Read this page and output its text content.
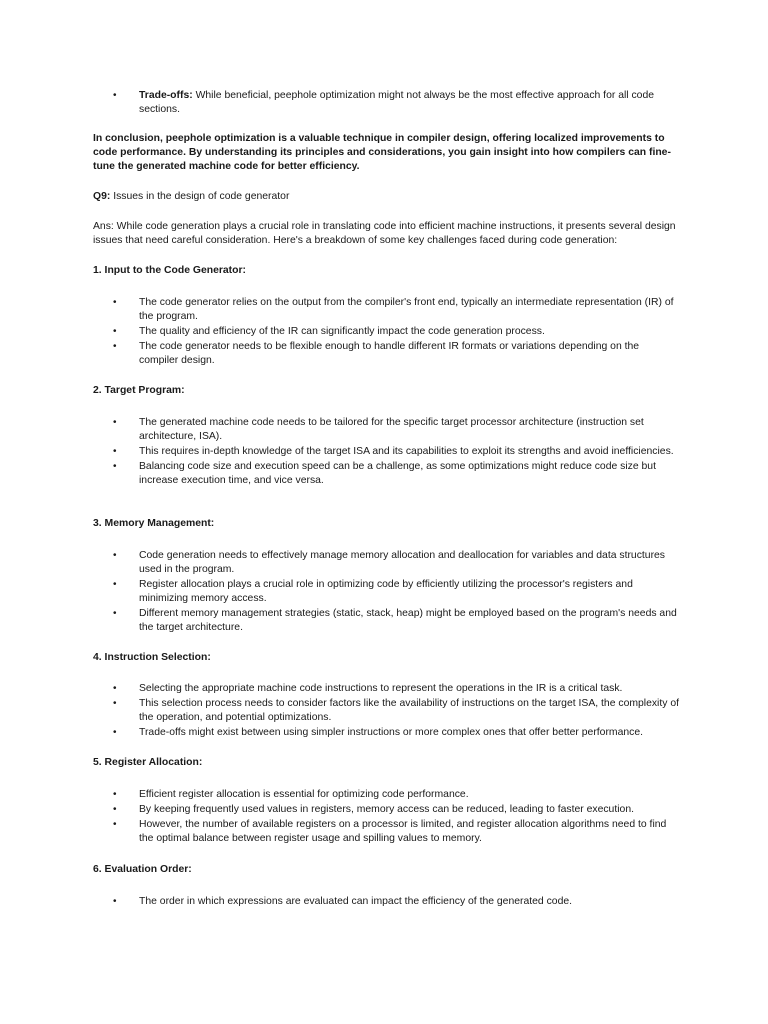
• Trade-offs: While beneficial, peephole optimization might not always be the most effective approach for all code sections.

In conclusion, peephole optimization is a valuable technique in compiler design, offering localized improvements to code performance. By understanding its principles and considerations, you gain insight into how compilers can fine-tune the generated machine code for better efficiency.

Q9: Issues in the design of code generator

Ans: While code generation plays a crucial role in translating code into efficient machine instructions, it presents several design issues that need careful consideration. Here's a breakdown of some key challenges faced during code generation:

1. Input to the Code Generator:

• The code generator relies on the output from the compiler's front end, typically an intermediate representation (IR) of the program.
• The quality and efficiency of the IR can significantly impact the code generation process.
• The code generator needs to be flexible enough to handle different IR formats or variations depending on the compiler design.

2. Target Program:

• The generated machine code needs to be tailored for the specific target processor architecture (instruction set architecture, ISA).
• This requires in-depth knowledge of the target ISA and its capabilities to exploit its strengths and avoid inefficiencies.
• Balancing code size and execution speed can be a challenge, as some optimizations might reduce code size but increase execution time, and vice versa.

3. Memory Management:

• Code generation needs to effectively manage memory allocation and deallocation for variables and data structures used in the program.
• Register allocation plays a crucial role in optimizing code by efficiently utilizing the processor's registers and minimizing memory access.
• Different memory management strategies (static, stack, heap) might be employed based on the program's needs and the target architecture.

4. Instruction Selection:

• Selecting the appropriate machine code instructions to represent the operations in the IR is a critical task.
• This selection process needs to consider factors like the availability of instructions on the target ISA, the complexity of the operation, and potential optimizations.
• Trade-offs might exist between using simpler instructions or more complex ones that offer better performance.

5. Register Allocation:

• Efficient register allocation is essential for optimizing code performance.
• By keeping frequently used values in registers, memory access can be reduced, leading to faster execution.
• However, the number of available registers on a processor is limited, and register allocation algorithms need to find the optimal balance between register usage and spilling values to memory.

6. Evaluation Order:

• The order in which expressions are evaluated can impact the efficiency of the generated code.
